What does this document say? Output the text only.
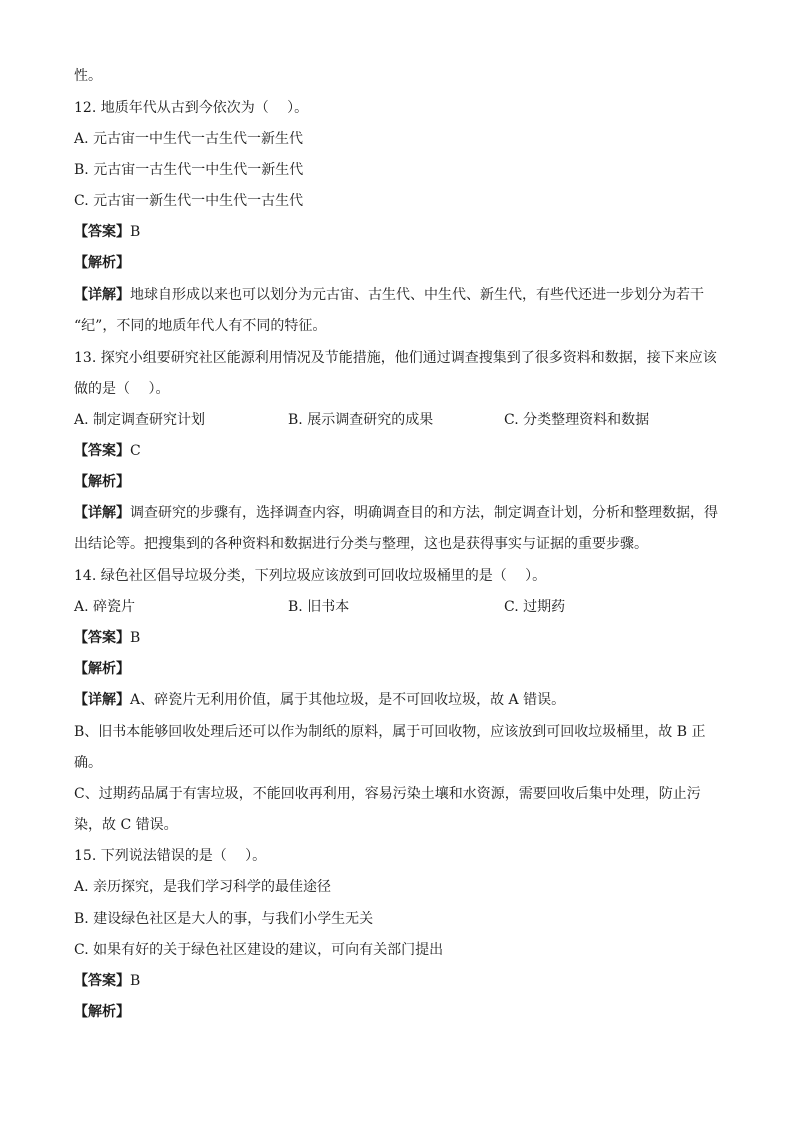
性。
12. 地质年代从古到今依次为（　 ）。
A. 元古宙一中生代一古生代一新生代
B. 元古宙一古生代一中生代一新生代
C. 元古宙一新生代一中生代一古生代
【答案】B
【解析】
【详解】地球自形成以来也可以划分为元古宙、古生代、中生代、新生代，有些代还进一步划分为若干
“纪”，不同的地质年代人有不同的特征。
13. 探究小组要研究社区能源利用情况及节能措施，他们通过调查搜集到了很多资料和数据，接下来应该
做的是（　 ）。
A. 制定调查研究计划	B. 展示调查研究的成果	C. 分类整理资料和数据
【答案】C
【解析】
【详解】调查研究的步骤有，选择调查内容，明确调查目的和方法，制定调查计划，分析和整理数据，得
出结论等。把搜集到的各种资料和数据进行分类与整理，这也是获得事实与证据的重要步骤。
14. 绿色社区倡导垃圾分类，下列垃圾应该放到可回收垃圾桶里的是（　 ）。
A. 碎瓷片	B. 旧书本	C. 过期药
【答案】B
【解析】
【详解】A、碎瓷片无利用价值，属于其他垃圾，是不可回收垃圾，故 A 错误。
B、旧书本能够回收处理后还可以作为制纸的原料，属于可回收物，应该放到可回收垃圾桶里，故 B 正
确。
C、过期药品属于有害垃圾，不能回收再利用，容易污染土壤和水资源，需要回收后集中处理，防止污
染，故 C 错误。
15. 下列说法错误的是（　 ）。
A. 亲历探究，是我们学习科学的最佳途径
B. 建设绿色社区是大人的事，与我们小学生无关
C. 如果有好的关于绿色社区建设的建议，可向有关部门提出
【答案】B
【解析】
